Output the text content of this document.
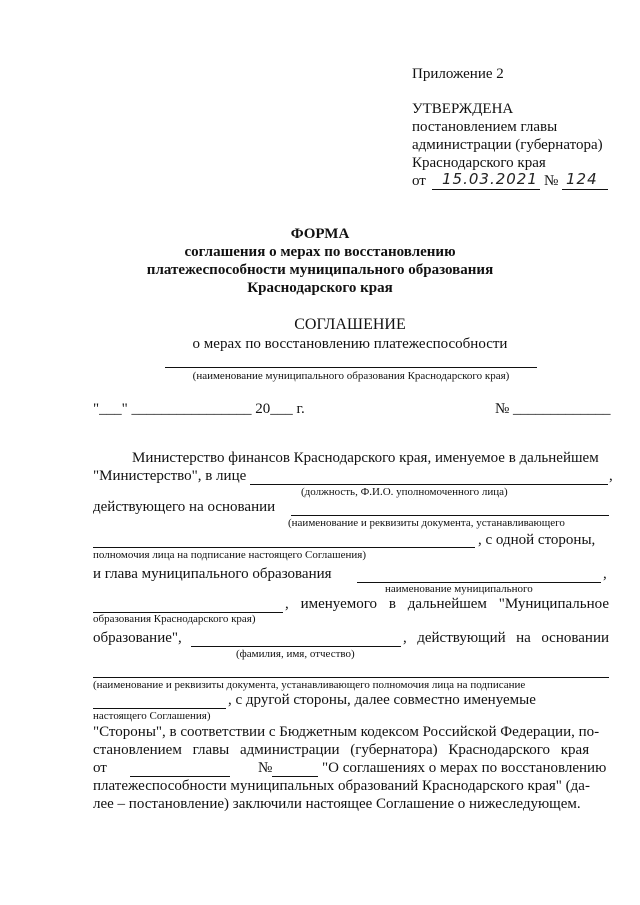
Приложение 2
УТВЕРЖДЕНА
постановлением главы
администрации (губернатора)
Краснодарского края
от 15.03.2021 № 124
ФОРМА
соглашения о мерах по восстановлению
платежеспособности муниципального образования
Краснодарского края
СОГЛАШЕНИЕ
о мерах по восстановлению платежеспособности
(наименование муниципального образования Краснодарского края)
"___" ________________ 20___ г.	№ _____________
Министерство финансов Краснодарского края, именуемое в дальнейшем
"Министерство", в лице	,
(должность, Ф.И.О. уполномоченного лица)
действующего на основании
(наименование и реквизиты документа, устанавливающего
, с одной стороны,
полномочия лица на подписание настоящего Соглашения)
и глава муниципального образования	,
наименование муниципального
, именуемого в дальнейшем "Муниципальное
образования Краснодарского края)
образование",	, действующий на основании
(фамилия, имя, отчество)
(наименование и реквизиты документа, устанавливающего полномочия лица на подписание
, с другой стороны, далее совместно именуемые
настоящего Соглашения)
"Стороны", в соответствии с Бюджетным кодексом Российской Федерации, по-
становлением главы администрации (губернатора) Краснодарского края
от	№	"О соглашениях о мерах по восстановлению
платежеспособности муниципальных образований Краснодарского края" (да-
лее – постановление) заключили настоящее Соглашение о нижеследующем.
